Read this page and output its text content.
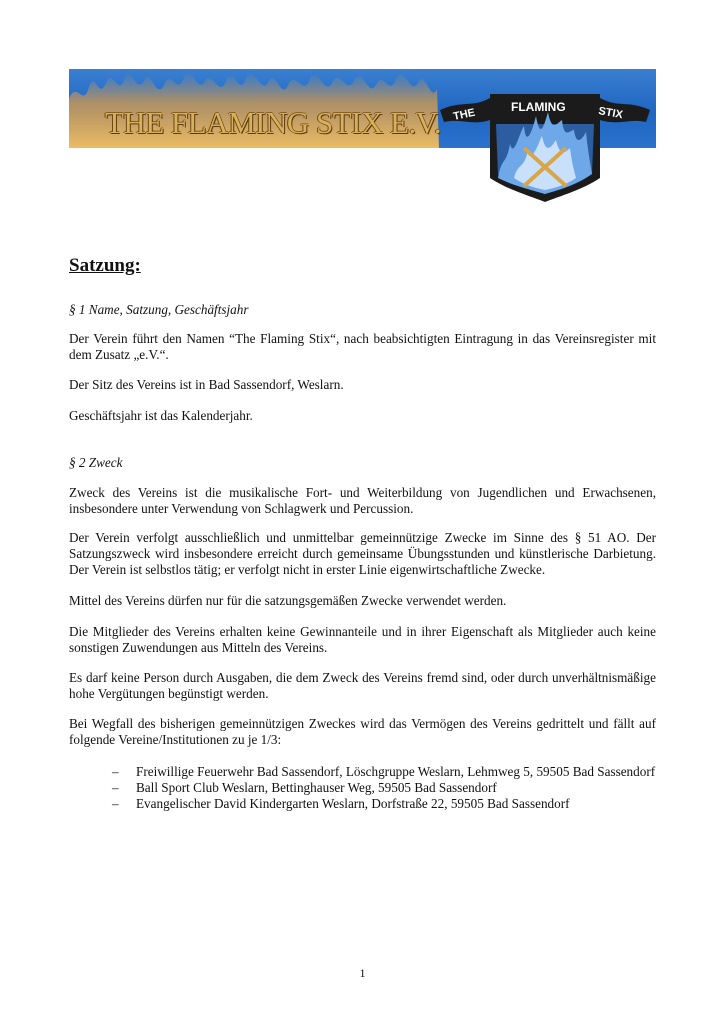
THE FLAMING STIX E.V. THE	FLAMING	STIX
Satzung:

§ 1 Name, Satzung, Geschäftsjahr

Der Verein führt den Namen “The Flaming Stix“, nach beabsichtigten Eintragung in das Vereinsregister mit dem Zusatz „e.V.“.

Der Sitz des Vereins ist in Bad Sassendorf, Weslarn.

Geschäftsjahr ist das Kalenderjahr.

§ 2 Zweck

Zweck des Vereins ist die musikalische Fort- und Weiterbildung von Jugendlichen und Erwachsenen, insbesondere unter Verwendung von Schlagwerk und Percussion.

Der Verein verfolgt ausschließlich und unmittelbar gemeinnützige Zwecke im Sinne des § 51 AO. Der Satzungszweck wird insbesondere erreicht durch gemeinsame Übungsstunden und künstlerische Darbietung. Der Verein ist selbstlos tätig; er verfolgt nicht in erster Linie eigenwirtschaftliche Zwecke.

Mittel des Vereins dürfen nur für die satzungsgemäßen Zwecke verwendet werden.

Die Mitglieder des Vereins erhalten keine Gewinnanteile und in ihrer Eigenschaft als Mitglieder auch keine sonstigen Zuwendungen aus Mitteln des Vereins.

Es darf keine Person durch Ausgaben, die dem Zweck des Vereins fremd sind, oder durch unverhältnismäßige hohe Vergütungen begünstigt werden.

Bei Wegfall des bisherigen gemeinnützigen Zweckes wird das Vermögen des Vereins gedrittelt und fällt auf folgende Vereine/Institutionen zu je 1/3:

– Freiwillige Feuerwehr Bad Sassendorf, Löschgruppe Weslarn, Lehmweg 5, 59505 Bad Sassendorf
– Ball Sport Club Weslarn, Bettinghauser Weg, 59505 Bad Sassendorf
– Evangelischer David Kindergarten Weslarn, Dorfstraße 22, 59505 Bad Sassendorf
1
